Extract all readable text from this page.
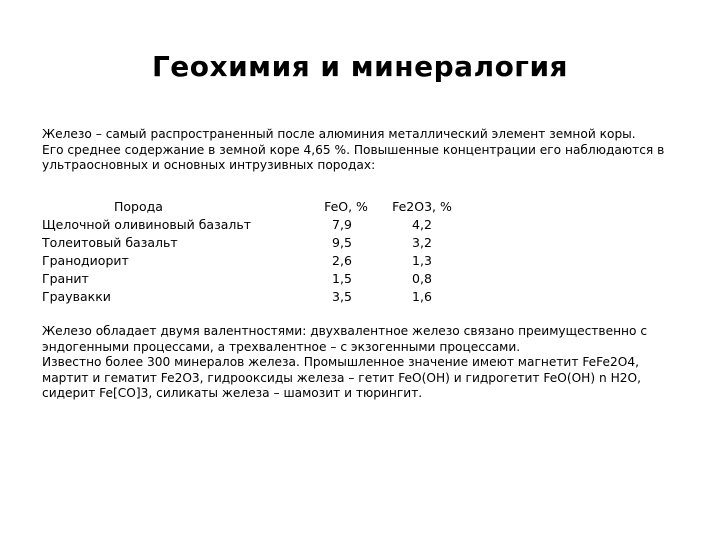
Геохимия и минералогия
Железо – самый распространенный после алюминия металлический элемент земной коры.
Его среднее содержание в земной коре 4,65 %. Повышенные концентрации его наблюдаются в
ультраосновных и основных интрузивных породах:
Порода	FeO, %	Fe2O3, %
Щелочной оливиновый базальт	7,9	4,2
Толеитовый базальт	9,5	3,2
Гранодиорит	2,6	1,3
Гранит	1,5	0,8
Граувакки	3,5	1,6
Железо обладает двумя валентностями: двухвалентное железо связано преимущественно с
эндогенными процессами, а трехвалентное – с экзогенными процессами.
Известно более 300 минералов железа. Промышленное значение имеют магнетит FeFe2O4,
мартит и гематит Fe2O3, гидрооксиды железа – гетит FeO(OH) и гидрогетит FeO(OH) n H2O,
сидерит Fe[CO]3, силикаты железа – шамозит и тюрингит.
